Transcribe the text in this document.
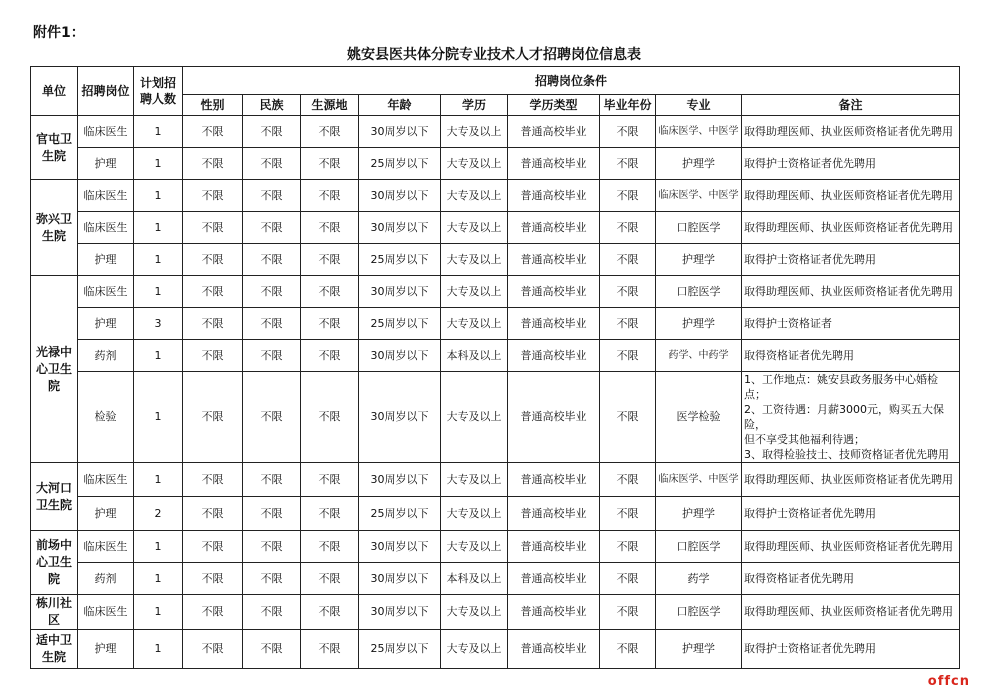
附件1：
姚安县医共体分院专业技术人才招聘岗位信息表
单位	招聘岗位	计划招聘人数	招聘岗位条件								
			性别	民族	生源地	年龄	学历	学历类型	毕业年份	专业	备注
官屯卫生院	临床医生	1	不限	不限	不限	30周岁以下	大专及以上	普通高校毕业	不限	临床医学、中医学	取得助理医师、执业医师资格证者优先聘用
	护理	1	不限	不限	不限	25周岁以下	大专及以上	普通高校毕业	不限	护理学	取得护士资格证者优先聘用
弥兴卫生院	临床医生	1	不限	不限	不限	30周岁以下	大专及以上	普通高校毕业	不限	临床医学、中医学	取得助理医师、执业医师资格证者优先聘用
	临床医生	1	不限	不限	不限	30周岁以下	大专及以上	普通高校毕业	不限	口腔医学	取得助理医师、执业医师资格证者优先聘用
	护理	1	不限	不限	不限	25周岁以下	大专及以上	普通高校毕业	不限	护理学	取得护士资格证者优先聘用
光禄中心卫生院	临床医生	1	不限	不限	不限	30周岁以下	大专及以上	普通高校毕业	不限	口腔医学	取得助理医师、执业医师资格证者优先聘用
	护理	3	不限	不限	不限	25周岁以下	大专及以上	普通高校毕业	不限	护理学	取得护士资格证者
	药剂	1	不限	不限	不限	30周岁以下	本科及以上	普通高校毕业	不限	药学、中药学	取得资格证者优先聘用
	检验	1	不限	不限	不限	30周岁以下	大专及以上	普通高校毕业	不限	医学检验	1、工作地点：姚安县政务服务中心婚检点；
2、工资待遇：月薪3000元，购买五大保险，
但不享受其他福利待遇；
3、取得检验技士、技师资格证者优先聘用

大河口卫生院	临床医生	1	不限	不限	不限	30周岁以下	大专及以上	普通高校毕业	不限	临床医学、中医学	取得助理医师、执业医师资格证者优先聘用
	护理	2	不限	不限	不限	25周岁以下	大专及以上	普通高校毕业	不限	护理学	取得护士资格证者优先聘用
前场中心卫生院	临床医生	1	不限	不限	不限	30周岁以下	大专及以上	普通高校毕业	不限	口腔医学	取得助理医师、执业医师资格证者优先聘用
	药剂	1	不限	不限	不限	30周岁以下	本科及以上	普通高校毕业	不限	药学	取得资格证者优先聘用
栋川社区	临床医生	1	不限	不限	不限	30周岁以下	大专及以上	普通高校毕业	不限	口腔医学	取得助理医师、执业医师资格证者优先聘用
适中卫生院	护理	1	不限	不限	不限	25周岁以下	大专及以上	普通高校毕业	不限	护理学	取得护士资格证者优先聘用
offcn
